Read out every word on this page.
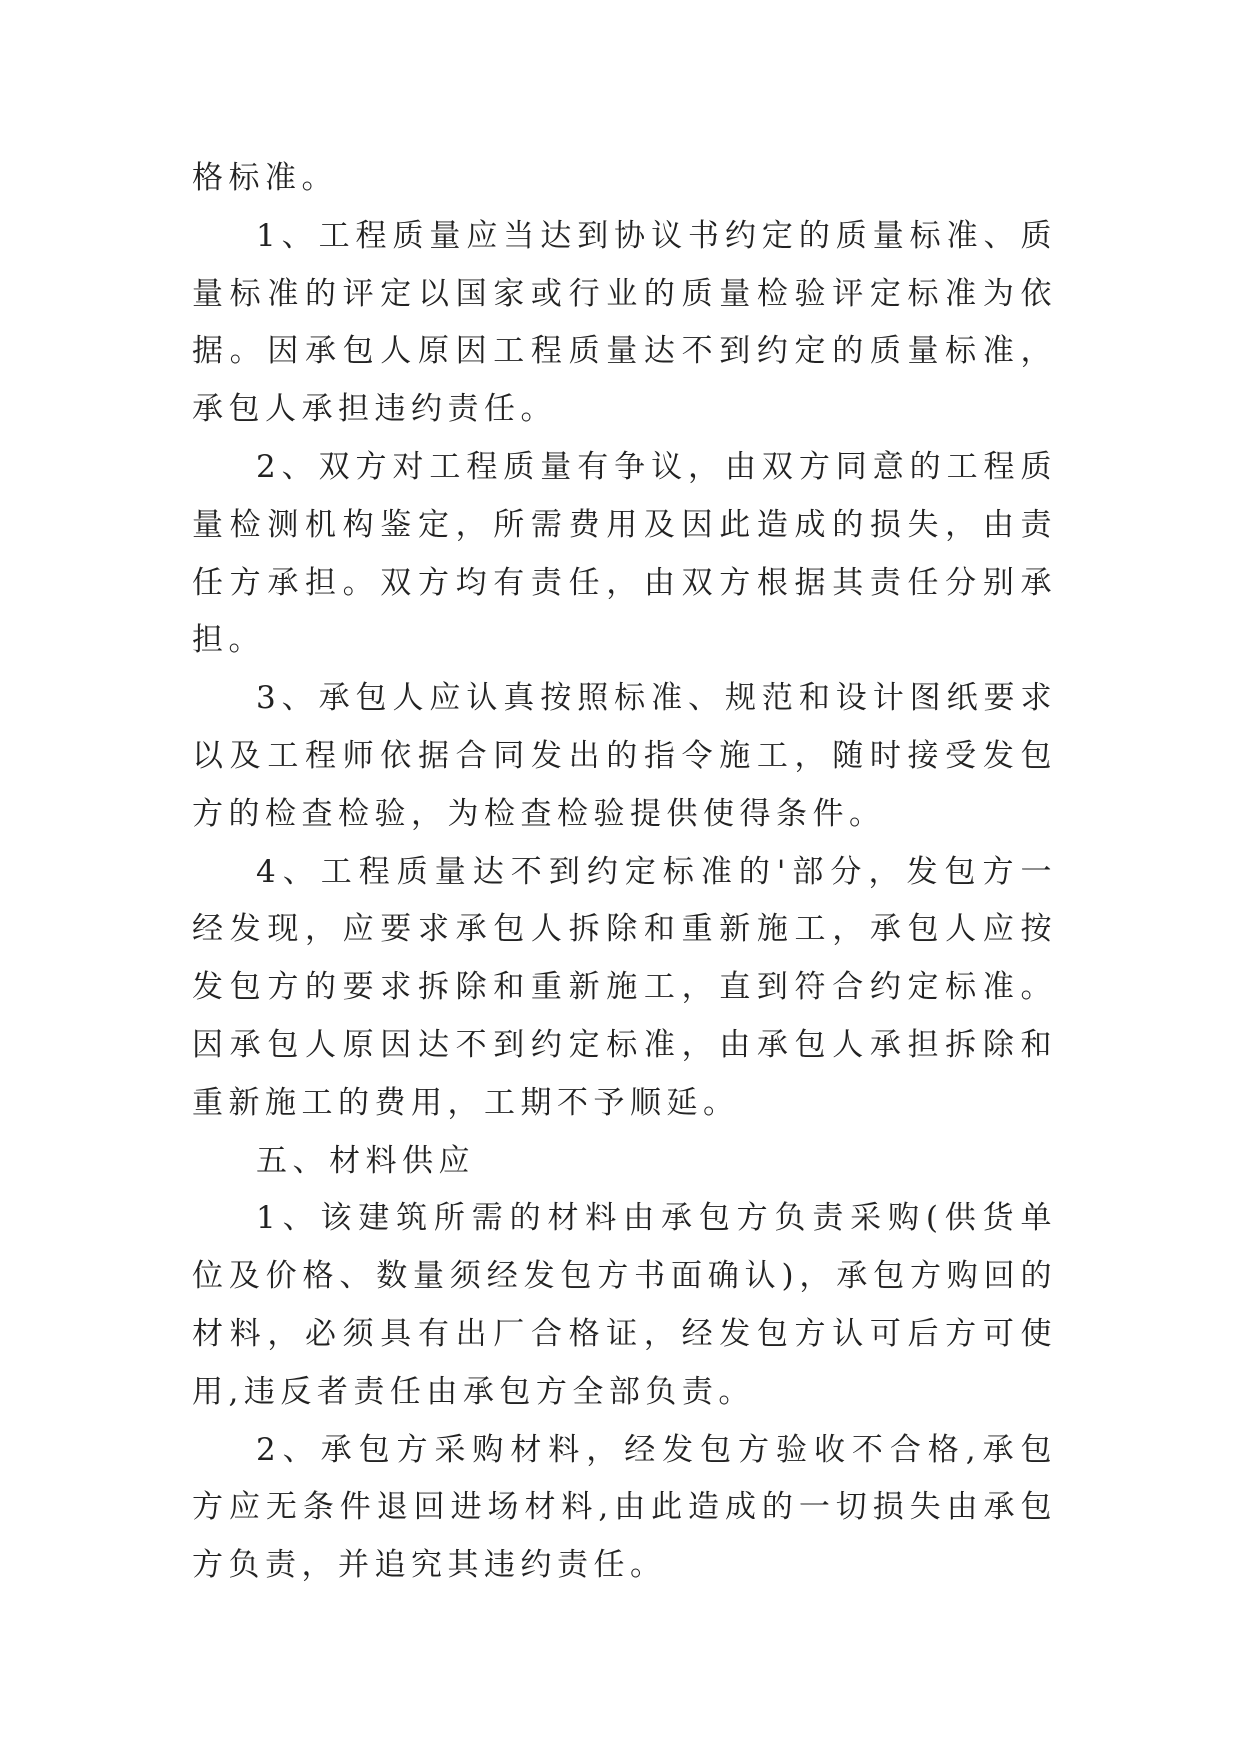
格标准。

1、工程质量应当达到协议书约定的质量标准、质量标准的评定以国家或行业的质量检验评定标准为依据。因承包人原因工程质量达不到约定的质量标准，承包人承担违约责任。

2、双方对工程质量有争议，由双方同意的工程质量检测机构鉴定，所需费用及因此造成的损失，由责任方承担。双方均有责任，由双方根据其责任分别承担。

3、承包人应认真按照标准、规范和设计图纸要求以及工程师依据合同发出的指令施工，随时接受发包方的检查检验，为检查检验提供使得条件。

4、工程质量达不到约定标准的'部分，发包方一经发现，应要求承包人拆除和重新施工，承包人应按发包方的要求拆除和重新施工，直到符合约定标准。因承包人原因达不到约定标准，由承包人承担拆除和重新施工的费用，工期不予顺延。

五、材料供应

1、该建筑所需的材料由承包方负责采购(供货单位及价格、数量须经发包方书面确认)，承包方购回的材料，必须具有出厂合格证，经发包方认可后方可使用,违反者责任由承包方全部负责。

2、承包方采购材料，经发包方验收不合格,承包方应无条件退回进场材料,由此造成的一切损失由承包方负责，并追究其违约责任。
